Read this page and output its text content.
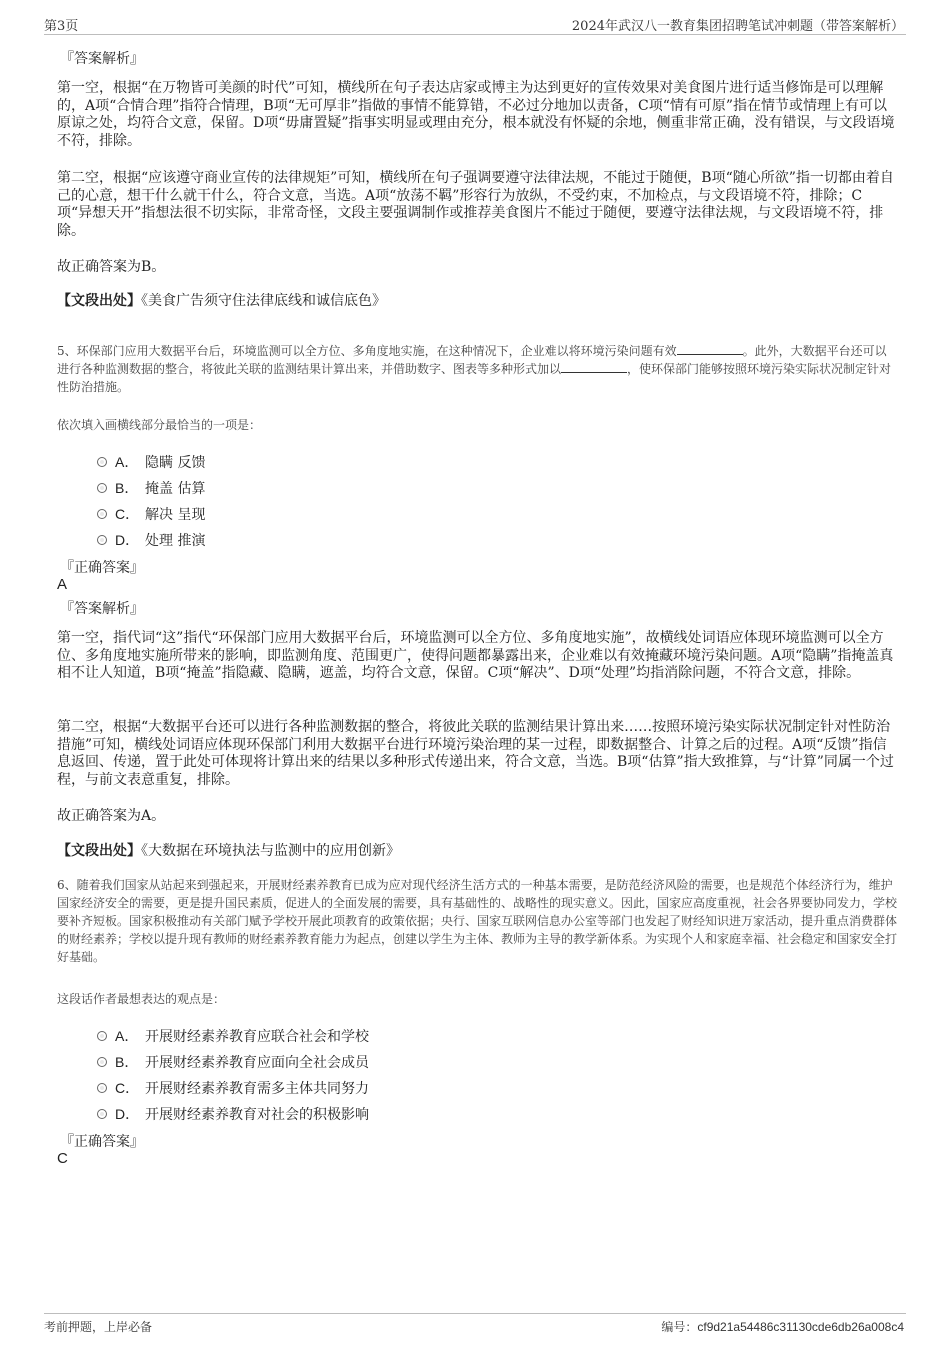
第3页	2024年武汉八一教育集团招聘笔试冲刺题（带答案解析）
『答案解析』
第一空，根据“在万物皆可美颜的时代”可知，横线所在句子表达店家或博主为达到更好的宣传效果对美食图片进行适当修饰是可以理解的，A项“合情合理”指符合情理，B项“无可厚非”指做的事情不能算错，不必过分地加以责备，C项“情有可原”指在情节或情理上有可以原谅之处，均符合文意，保留。D项“毋庸置疑”指事实明显或理由充分，根本就没有怀疑的余地，侧重非常正确，没有错误，与文段语境不符，排除。
第二空，根据“应该遵守商业宣传的法律规矩”可知，横线所在句子强调要遵守法律法规，不能过于随便，B项“随心所欲”指一切都由着自己的心意，想干什么就干什么，符合文意，当选。A项“放荡不羁”形容行为放纵，不受约束，不加检点，与文段语境不符，排除；C项“异想天开”指想法很不切实际，非常奇怪，文段主要强调制作或推荐美食图片不能过于随便，要遵守法律法规，与文段语境不符，排除。
故正确答案为B。
【文段出处】《美食广告须守住法律底线和诚信底色》
5、环保部门应用大数据平台后，环境监测可以全方位、多角度地实施，在这种情况下，企业难以将环境污染问题有效	。此外，大数据平台还可以进行各种监测数据的整合，将彼此关联的监测结果计算出来，并借助数字、图表等多种形式加以	，使环保部门能够按照环境污染实际状况制定针对性防治措施。
依次填入画横线部分最恰当的一项是：
A． 隐瞒 反馈
B． 掩盖 估算
C． 解决 呈现
D． 处理 推演
『正确答案』
A
『答案解析』
第一空，指代词“这”指代“环保部门应用大数据平台后，环境监测可以全方位、多角度地实施”，故横线处词语应体现环境监测可以全方位、多角度地实施所带来的影响，即监测角度、范围更广，使得问题都暴露出来，企业难以有效掩藏环境污染问题。A项“隐瞒”指掩盖真相不让人知道，B项“掩盖”指隐藏、隐瞒，遮盖，均符合文意，保留。C项“解决”、D项“处理”均指消除问题，不符合文意，排除。
第二空，根据“大数据平台还可以进行各种监测数据的整合，将彼此关联的监测结果计算出来……按照环境污染实际状况制定针对性防治措施”可知，横线处词语应体现环保部门利用大数据平台进行环境污染治理的某一过程，即数据整合、计算之后的过程。A项“反馈”指信息返回、传递，置于此处可体现将计算出来的结果以多种形式传递出来，符合文意，当选。B项“估算”指大致推算，与“计算”同属一个过程，与前文表意重复，排除。
故正确答案为A。
【文段出处】《大数据在环境执法与监测中的应用创新》
6、随着我们国家从站起来到强起来，开展财经素养教育已成为应对现代经济生活方式的一种基本需要，是防范经济风险的需要，也是规范个体经济行为，维护国家经济安全的需要，更是提升国民素质，促进人的全面发展的需要，具有基础性的、战略性的现实意义。因此，国家应高度重视，社会各界要协同发力，学校要补齐短板。国家积极推动有关部门赋予学校开展此项教育的政策依据；央行、国家互联网信息办公室等部门也发起了财经知识进万家活动，提升重点消费群体的财经素养；学校以提升现有教师的财经素养教育能力为起点，创建以学生为主体、教师为主导的教学新体系。为实现个人和家庭幸福、社会稳定和国家安全打好基础。
这段话作者最想表达的观点是：
A． 开展财经素养教育应联合社会和学校
B． 开展财经素养教育应面向全社会成员
C． 开展财经素养教育需多主体共同努力
D． 开展财经素养教育对社会的积极影响
『正确答案』
C
考前押题，上岸必备	编号：cf9d21a54486c31130cde6db26a008c4
